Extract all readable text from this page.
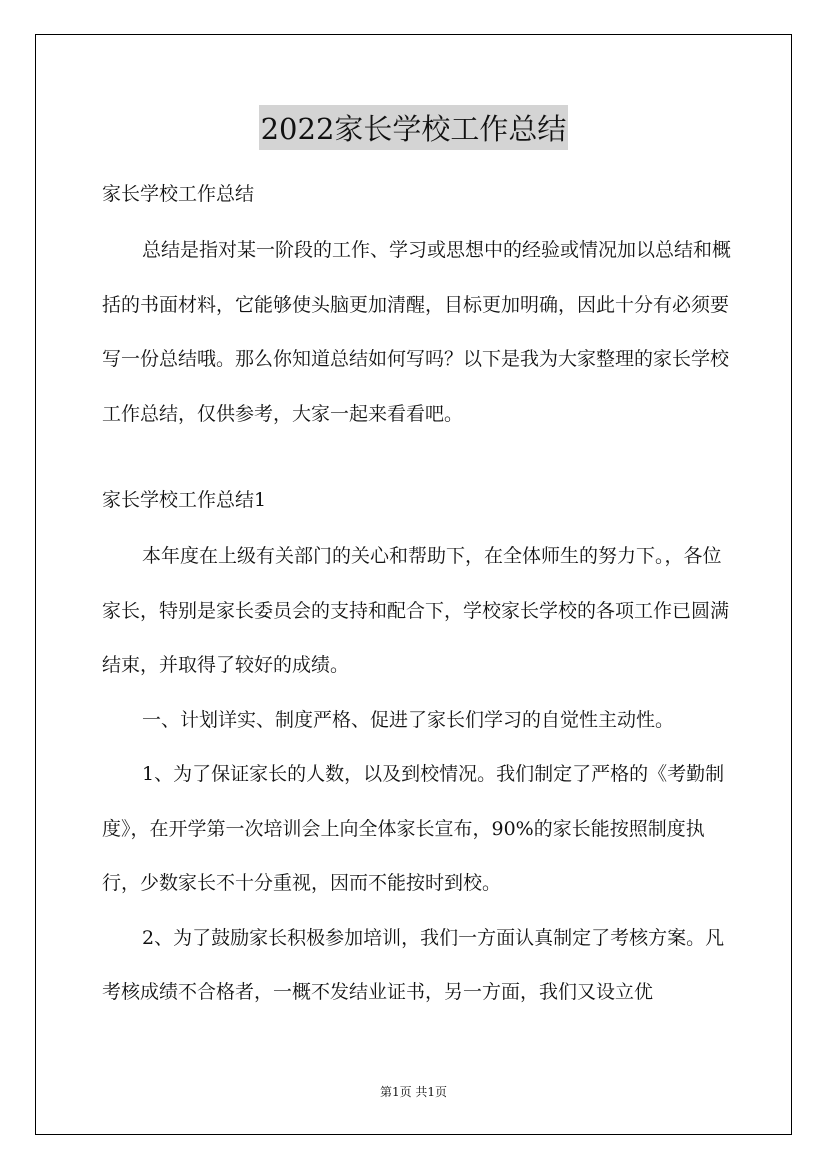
2022家长学校工作总结
家长学校工作总结

总结是指对某一阶段的工作、学习或思想中的经验或情况加以总结和概括的书面材料，它能够使头脑更加清醒，目标更加明确，因此十分有必须要写一份总结哦。那么你知道总结如何写吗？以下是我为大家整理的家长学校工作总结，仅供参考，大家一起来看看吧。

家长学校工作总结1

本年度在上级有关部门的关心和帮助下，在全体师生的努力下。，各位家长，特别是家长委员会的支持和配合下，学校家长学校的各项工作已圆满结束，并取得了较好的成绩。

一、计划详实、制度严格、促进了家长们学习的自觉性主动性。

1、为了保证家长的人数，以及到校情况。我们制定了严格的《考勤制度》，在开学第一次培训会上向全体家长宣布，90%的家长能按照制度执行，少数家长不十分重视，因而不能按时到校。

2、为了鼓励家长积极参加培训，我们一方面认真制定了考核方案。凡考核成绩不合格者，一概不发结业证书，另一方面，我们又设立优

第1页 共1页
